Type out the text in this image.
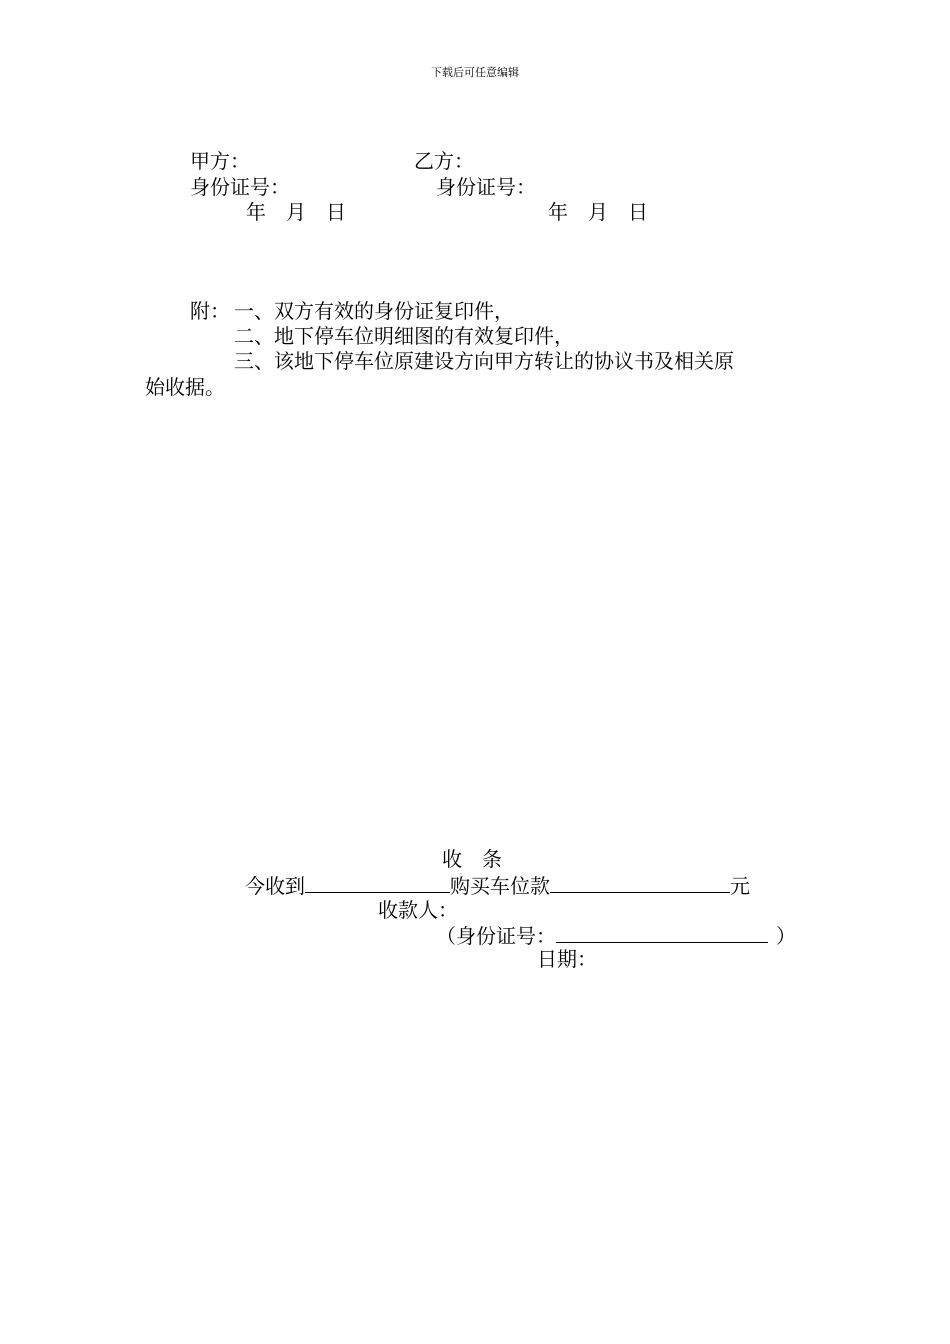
下载后可任意编辑
甲方：	乙方：
身份证号：	身份证号：
年　月　日	年　月　日
附： 一、双方有效的身份证复印件，
二、地下停车位明细图的有效复印件，
三、该地下停车位原建设方向甲方转让的协议书及相关原
始收据。
收　条
今收到	购买车位款	元
收款人：
（身份证号：	）
日期：
